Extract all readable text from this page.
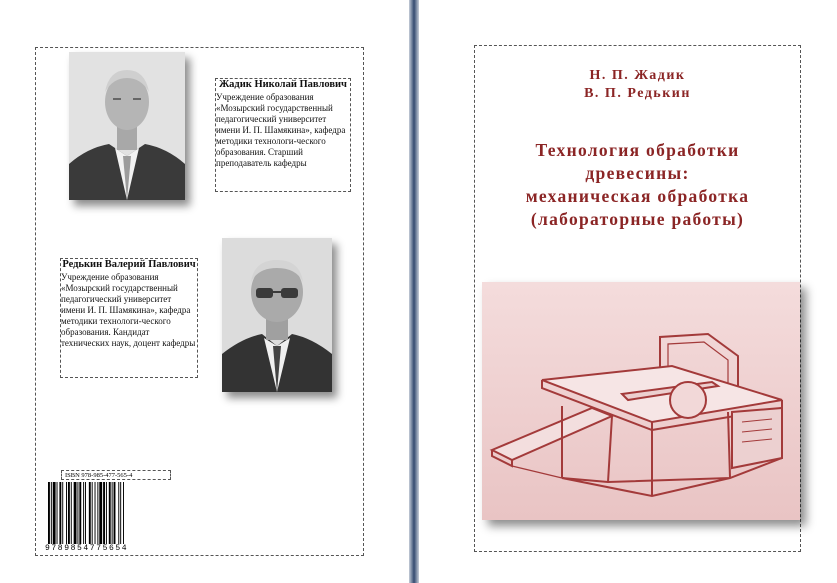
Жадик Николай Павлович
Учреждение образования «Мозырский государственный педагогический университет имени И. П. Шамякина», кафедра методики технологи-ческого образования. Старший преподаватель кафедры
Редькин Валерий Павлович
Учреждение образования «Мозырский государственный педагогический университет имени И. П. Шамякина», кафедра методики технологи-ческого образования. Кандидат технических наук, доцент кафедры
ISBN 978-985-477-565-4
9789854775654
Н. П. Жадик
В. П. Редькин
Технология обработки
древесины:
механическая обработка
(лабораторные работы)
